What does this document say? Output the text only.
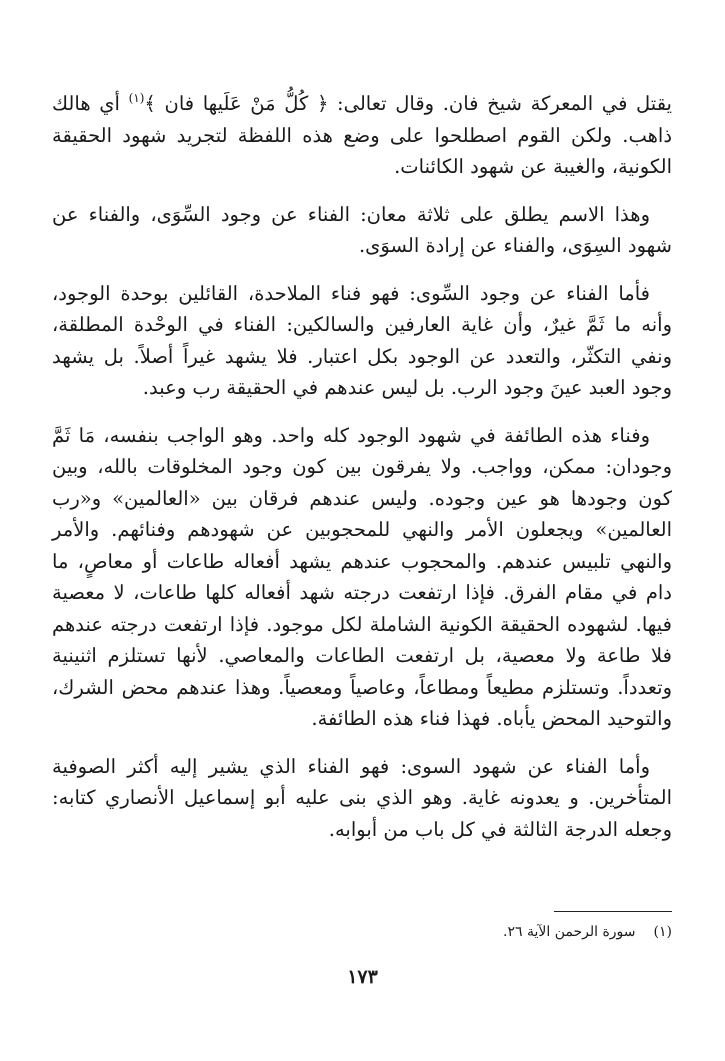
يقتل في المعركة شيخ فان. وقال تعالى: ﴿ كُلُّ مَنْ عَلَيها فان ﴾$^{(١)}$ أي هالك ذاهب. ولكن القوم اصطلحوا على وضع هذه اللفظة لتجريد شهود الحقيقة الكونية، والغيبة عن شهود الكائنات.

وهذا الاسم يطلق على ثلاثة معان: الفناء عن وجود السِّوَى، والفناء عن شهود السِوَى، والفناء عن إرادة السوَى.

فأما الفناء عن وجود السِّوى: فهو فناء الملاحدة، القائلين بوحدة الوجود، وأنه ما ثَمَّ غيرٌ، وأن غاية العارفين والسالكين: الفناء في الوحْدة المطلقة، ونفي التكثّر، والتعدد عن الوجود بكل اعتبار. فلا يشهد غيراً أصلاً. بل يشهد وجود العبد عينَ وجود الرب. بل ليس عندهم في الحقيقة رب وعبد.

وفناء هذه الطائفة في شهود الوجود كله واحد. وهو الواجب بنفسه، مَا ثَمَّ وجودان: ممكن، وواجب. ولا يفرقون بين كون وجود المخلوقات بالله، وبين كون وجودها هو عين وجوده. وليس عندهم فرقان بين «العالمين» و«رب العالمين» ويجعلون الأمر والنهي للمحجوبين عن شهودهم وفنائهم. والأمر والنهي تلبيس عندهم. والمحجوب عندهم يشهد أفعاله طاعات أو معاصٍ، ما دام في مقام الفرق. فإذا ارتفعت درجته شهد أفعاله كلها طاعات، لا معصية فيها. لشهوده الحقيقة الكونية الشاملة لكل موجود. فإذا ارتفعت درجته عندهم فلا طاعة ولا معصية، بل ارتفعت الطاعات والمعاصي. لأنها تستلزم اثنينية وتعدداً. وتستلزم مطيعاً ومطاعاً، وعاصياً ومعصياً. وهذا عندهم محض الشرك، والتوحيد المحض يأباه. فهذا فناء هذه الطائفة.

وأما الفناء عن شهود السوى: فهو الفناء الذي يشير إليه أكثر الصوفية المتأخرين. و يعدونه غاية. وهو الذي بنى عليه أبو إسماعيل الأنصاري كتابه: وجعله الدرجة الثالثة في كل باب من أبوابه.

(١)سورة الرحمن الآية ٢٦.
١٧٣
